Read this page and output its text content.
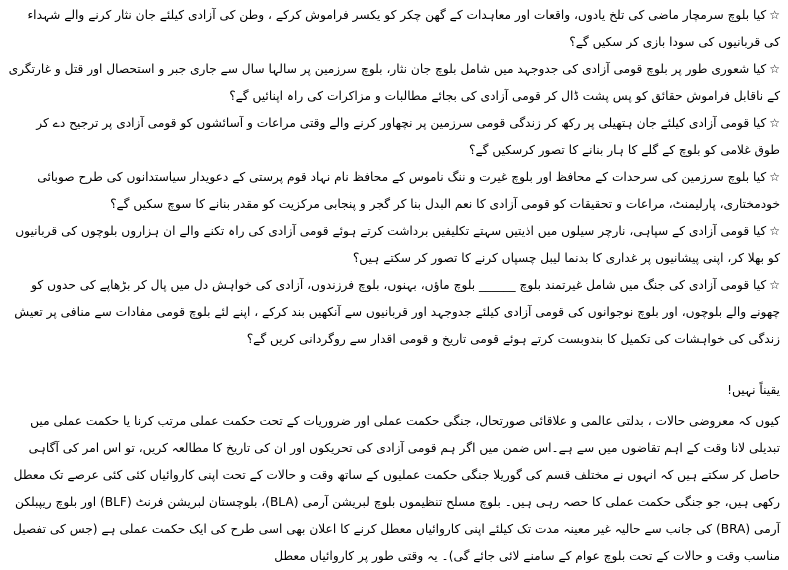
☆کیا بلوچ سرمچار ماضی کی تلخ یادوں، واقعات اور معاہدات کے گھن چکر کو یکسر فراموش کرکے ، وطن کی آزادی کیلئے جان نثار کرنے والے شہداء کی قربانیوں کی سودا بازی کر سکیں گے؟

☆کیا شعوری طور پر بلوچ قومی آزادی کی جدوجہد میں شامل بلوچ جان نثار، بلوچ سرزمین پر سالہا سال سے جاری جبر و استحصال اور قتل و غارتگری کے ناقابل فراموش حقائق کو پس پشت ڈال کر قومی آزادی کی بجائے مطالبات و مزاکرات کی راہ اپنائیں گے؟

☆کیا قومی آزادی کیلئے جان ہتھیلی پر رکھ کر زندگی قومی سرزمین پر نچھاور کرنے والے وقتی مراعات و آسائشوں کو قومی آزادی پر ترجیح دے کر طوق غلامی کو بلوچ کے گلے کا ہار بنانے کا تصور کرسکیں گے؟

☆کیا بلوچ سرزمین کی سرحدات کے محافظ اور بلوچ غیرت و ننگ ناموس کے محافظ نام نہاد قوم پرستی کے دعویدار سیاستدانوں کی طرح صوبائی خودمختاری، پارلیمنٹ، مراعات و تحقیقات کو قومی آزادی کا نعم البدل بنا کر گجر و پنجابی مرکزیت کو مقدر بنانے کا سوچ سکیں گے؟

☆کیا قومی آزادی کے سپاہی، نارچر سیلوں میں اذیتیں سہتے تکلیفیں برداشت کرتے ہوئے قومی آزادی کی راہ تکنے والے ان ہزاروں بلوچوں کی قربانیوں کو بھلا کر، اپنی پیشانیوں پر غداری کا بدنما لیبل چسپاں کرنے کا تصور کر سکتے ہیں؟

☆کیا قومی آزادی کی جنگ میں شامل غیرتمند بلوچ ______ بلوچ ماؤں، بہنوں، بلوچ فرزندوں، آزادی کی خواہش دل میں پال کر بڑھاپے کی حدوں کو چھونے والے بلوچوں، اور بلوچ نوجوانوں کی قومی آزادی کیلئے جدوجہد اور قربانیوں سے آنکھیں بند کرکے ، اپنے لئے بلوچ قومی مفادات سے منافی پر تعیش زندگی کی خواہشات کی تکمیل کا بندوبست کرتے ہوئے قومی تاریخ و قومی اقدار سے روگردانی کریں گے؟

یقیناً نہیں!

کیوں کہ معروضی حالات ، بدلتی عالمی و علاقائی صورتحال، جنگی حکمت عملی اور ضروریات کے تحت حکمت عملی مرتب کرنا یا حکمت عملی میں تبدیلی لانا وقت کے اہم تقاضوں میں سے ہے۔اس ضمن میں اگر ہم قومی آزادی کی تحریکوں اور ان کی تاریخ کا مطالعہ کریں، تو اس امر کی آگاہی حاصل کر سکتے ہیں کہ انہوں نے مختلف قسم کی گوریلا جنگی حکمت عملیوں کے ساتھ وقت و حالات کے تحت اپنی کاروائیاں کئی کئی عرصے تک معطل رکھی ہیں، جو جنگی حکمت عملی کا حصہ رہی ہیں۔ بلوچ مسلح تنظیموں بلوچ لبریشن آرمی (BLA)، بلوچستان لبریشن فرنٹ (BLF) اور بلوچ ریپبلکن آرمی (BRA) کی جانب سے حالیہ غیر معینہ مدت تک کیلئے اپنی کاروائیاں معطل کرنے کا اعلان بھی اسی طرح کی ایک حکمت عملی ہے (جس کی تفصیل مناسب وقت و حالات کے تحت بلوچ عوام کے سامنے لائی جائے گی)۔ یہ وقتی طور پر کاروائیاں معطل
